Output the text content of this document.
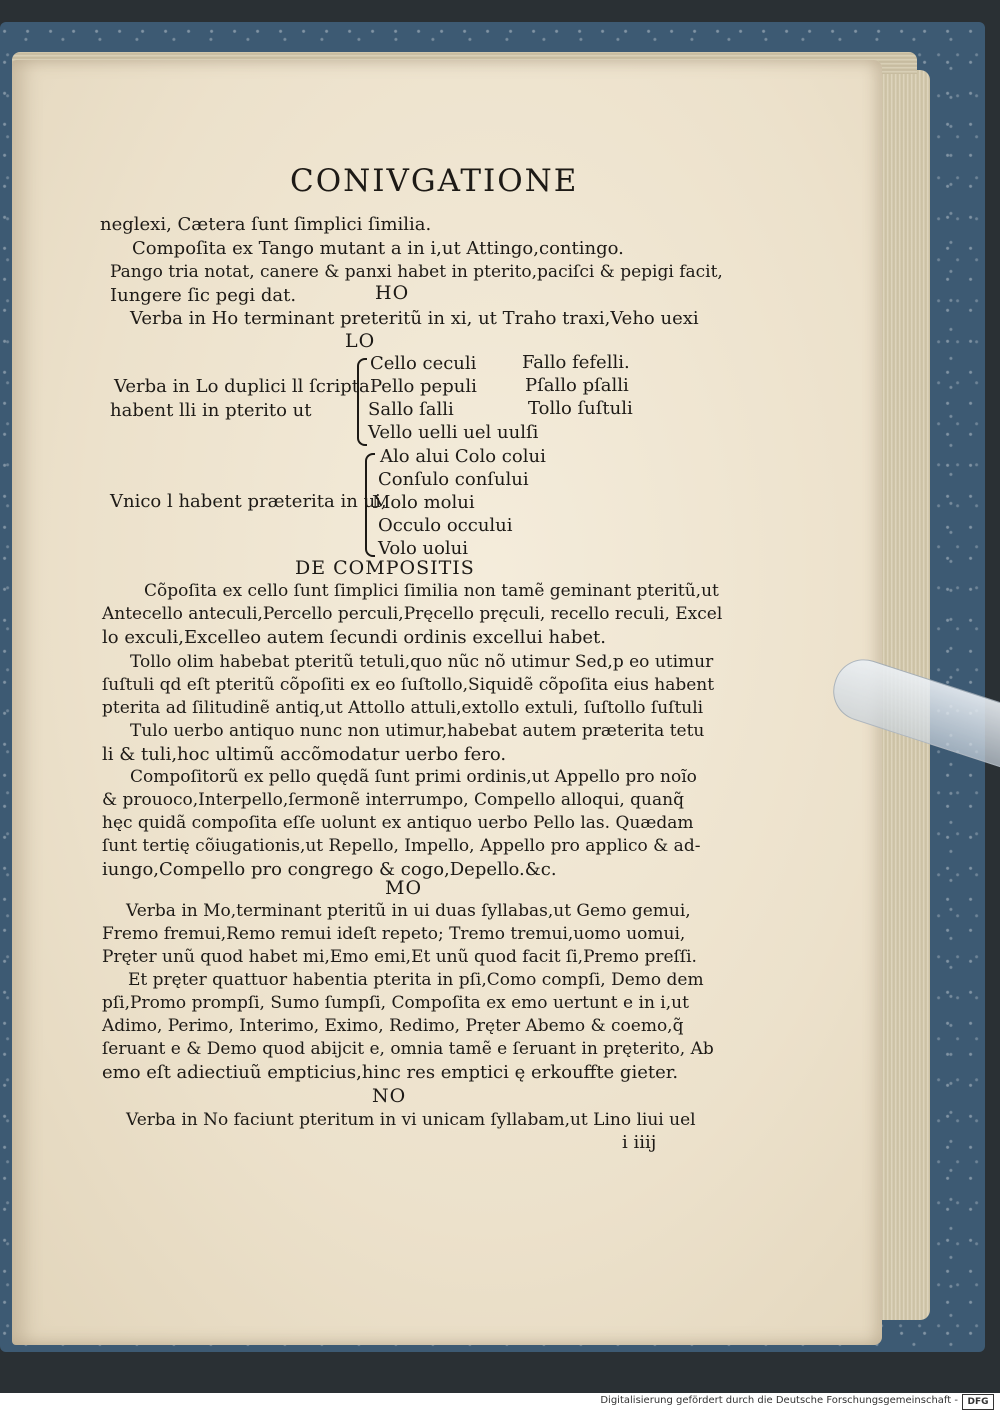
CONIVGATIONE
neglexi, Cætera ſunt ſimplici ſimilia.
Compoſita ex Tango mutant a in i,ut Attingo,contingo.
Pango tria notat, canere & panxi habet in pterito,paciſci & pepigi facit,
Iungere ſic pegi dat.	HO
Verba in Ho terminant preteritũ in xi, ut Traho traxi,Veho uexi
LO
Verba in Lo duplici ll ſcripta
habent lli in pterito ut
Cello ceculi
Pello pepuli
Sallo ſalli
Vello uelli uel uulſi
Fallo fefelli.
Pſallo pſalli
Tollo ſuſtuli
Alo alui Colo colui
Conſulo conſului
Vnico l habent præterita in ui,
Molo molui
Occulo occului
Volo uolui
DE COMPOSITIS
Cõpoſita ex cello ſunt ſimplici ſimilia non tamẽ geminant pteritũ,ut
Antecello anteculi,Percello perculi,Pręcello pręculi, recello reculi, Excel
lo exculi,Excelleo autem ſecundi ordinis excellui habet.
Tollo olim habebat pteritũ tetuli,quo nũc nõ utimur Sed,p eo utimur
ſuſtuli qd eſt pteritũ cõpoſiti ex eo ſuſtollo,Siquidẽ cõpoſita eius habent
pterita ad ſilitudinẽ antiq,ut Attollo attuli,extollo extuli, ſuſtollo ſuſtuli
Tulo uerbo antiquo nunc non utimur,habebat autem præterita tetu
li & tuli,hoc ultimũ accõmodatur uerbo fero.
Compoſitorũ ex pello quędã ſunt primi ordinis,ut Appello pro noĩo
& prouoco,Interpello,ſermonẽ interrumpo, Compello alloqui, quanq̃
hęc quidã compoſita eſſe uolunt ex antiquo uerbo Pello las. Quædam
ſunt tertię cõiugationis,ut Repello, Impello, Appello pro applico & ad-
iungo,Compello pro congrego & cogo,Depello.&c.
MO
Verba in Mo,terminant pteritũ in ui duas ſyllabas,ut Gemo gemui,
Fremo fremui,Remo remui ideſt repeto; Tremo tremui,uomo uomui,
Pręter unũ quod habet mi,Emo emi,Et unũ quod facit ſi,Premo preſſi.
Et pręter quattuor habentia pterita in pſi,Como compſi, Demo dem
pſi,Promo prompſi, Sumo ſumpſi, Compoſita ex emo uertunt e in i,ut
Adimo, Perimo, Interimo, Eximo, Redimo, Pręter Abemo & coemo,q̃
ſeruant e & Demo quod abijcit e, omnia tamẽ e ſeruant in pręterito, Ab
emo eſt adiectiuũ empticius,hinc res emptici ę erkouffte gieter.
NO
Verba in No faciunt pteritum in vi unicam ſyllabam,ut Lino liui uel
i iiij
Digitalisierung gefördert durch die Deutsche Forschungsgemeinschaft -	DFG
